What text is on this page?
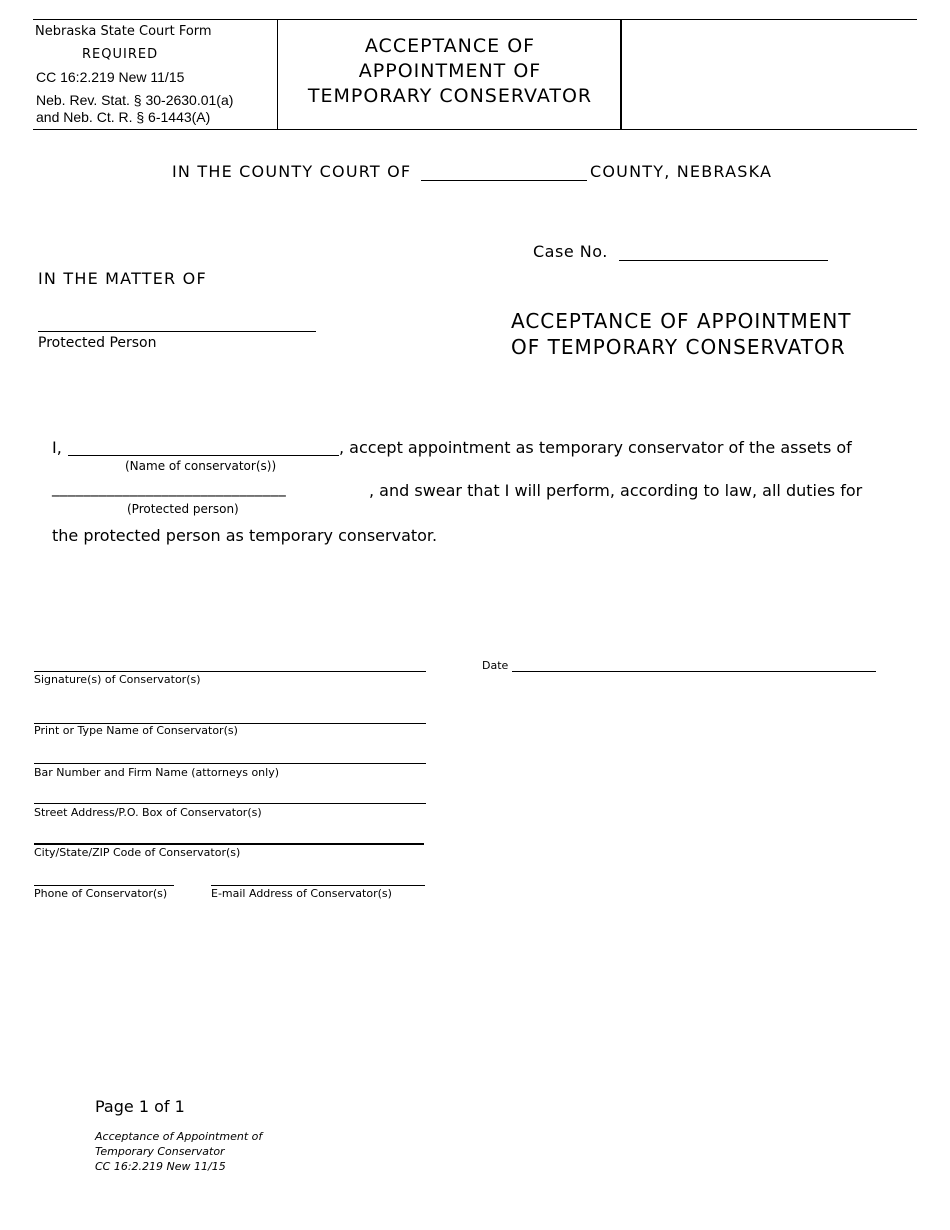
Nebraska State Court Form
REQUIRED
CC 16:2.219 New 11/15
Neb. Rev. Stat. § 30-2630.01(a)
and Neb. Ct. R. § 6-1443(A)
ACCEPTANCE OF
APPOINTMENT OF
TEMPORARY CONSERVATOR
IN THE COUNTY COURT OF	COUNTY, NEBRASKA
Case No.
IN THE MATTER OF
Protected Person
ACCEPTANCE OF APPOINTMENT
OF TEMPORARY CONSERVATOR
I,	, accept appointment as temporary conservator of the assets of
(Name of conservator(s))
______________________________	, and swear that I will perform, according to law, all duties for
(Protected person)
the protected person as temporary conservator.
Signature(s) of Conservator(s)
Date
Print or Type Name of Conservator(s)
Bar Number and Firm Name (attorneys only)
Street Address/P.O. Box of Conservator(s)
City/State/ZIP Code of Conservator(s)
Phone of Conservator(s)	E-mail Address of Conservator(s)
Page 1 of 1
Acceptance of Appointment of
Temporary Conservator
CC 16:2.219 New 11/15
